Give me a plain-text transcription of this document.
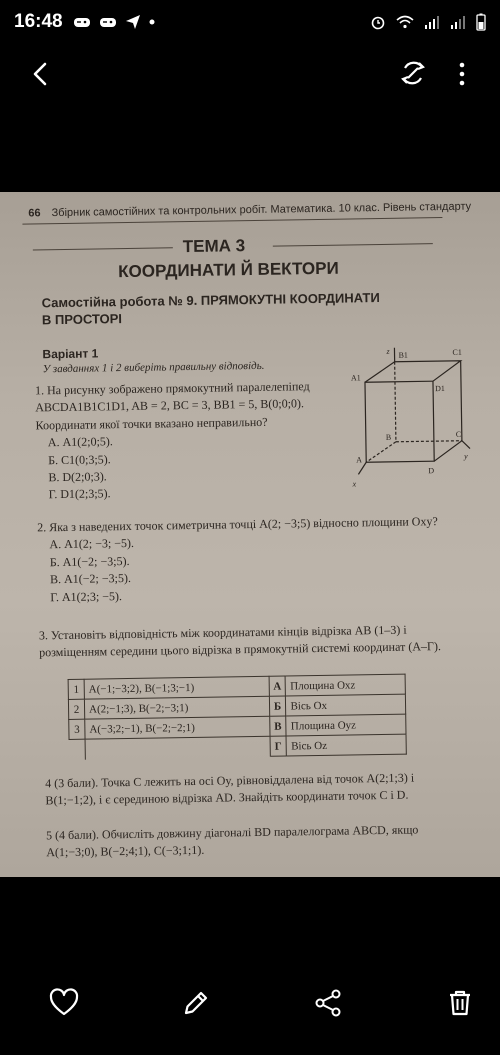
16:48
66 Збірник самостійних та контрольних робіт. Математика. 10 клас. Рівень стандарту
ТЕМА 3
КООРДИНАТИ Й ВЕКТОРИ
Самостійна робота № 9. ПРЯМОКУТНІ КООРДИНАТИ В ПРОСТОРІ
Варіант 1
У завданнях 1 і 2 виберіть правильну відповідь.
1. На рисунку зображено прямокутний паралелепіпед ABCDA1B1C1D1, AB = 2, BC = 3, BB1 = 5, B(0;0;0). Координати якої точки вказано неправильно?
А. A1(2;0;5).
Б. C1(0;3;5).
В. D(2;0;3).
Г. D1(2;3;5).
z B1	C1
A1
D1
B	C
y
A
D
x
2. Яка з наведених точок симетрична точці A(2; −3;5) відносно площини Oxy?
А. A1(2; −3; −5).
Б. A1(−2; −3;5).
В. A1(−2; −3;5).
Г. A1(2;3; −5).
3. Установіть відповідність між координатами кінців відрізка AB (1–3) і розміщенням середини цього відрізка в прямокутній системі координат (А–Г).
1	A(−1;−3;2), B(−1;3;−1)	А	Площина Oxz
2	A(2;−1;3), B(−2;−3;1)	Б	Вісь Ox
3	A(−3;2;−1), B(−2;−2;1)	В	Площина Oyz
		Г	Вісь Oz
4 (3 бали). Точка C лежить на осі Oy, рівновіддалена від точок A(2;1;3) і B(1;−1;2), і є серединою відрізка AD. Знайдіть координати точок C і D.
5 (4 бали). Обчисліть довжину діагоналі BD паралелограма ABCD, якщо A(1;−3;0), B(−2;4;1), C(−3;1;1).
